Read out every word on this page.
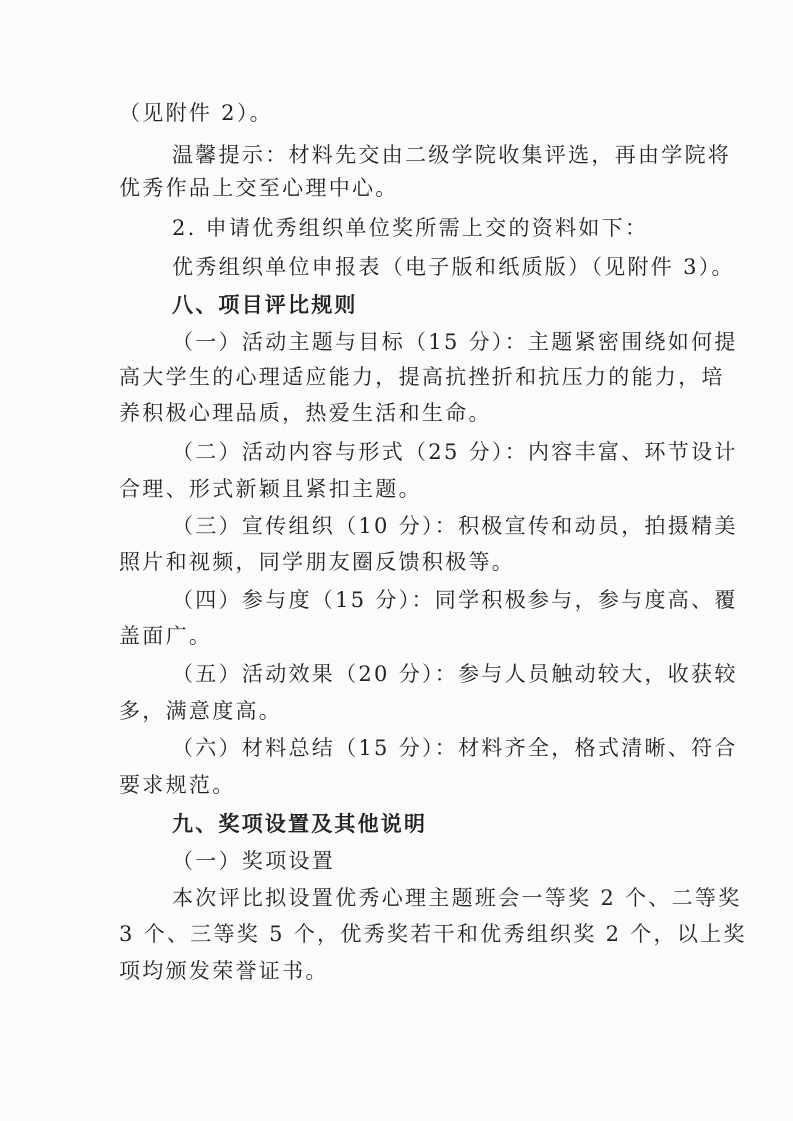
（见附件 2）。
温馨提示：材料先交由二级学院收集评选，再由学院将
优秀作品上交至心理中心。
2. 申请优秀组织单位奖所需上交的资料如下：
优秀组织单位申报表（电子版和纸质版）（见附件 3）。
八、项目评比规则
（一）活动主题与目标（15 分）：主题紧密围绕如何提
高大学生的心理适应能力，提高抗挫折和抗压力的能力，培
养积极心理品质，热爱生活和生命。
（二）活动内容与形式（25 分）：内容丰富、环节设计
合理、形式新颖且紧扣主题。
（三）宣传组织（10 分）：积极宣传和动员，拍摄精美
照片和视频，同学朋友圈反馈积极等。
（四）参与度（15 分）：同学积极参与，参与度高、覆
盖面广。
（五）活动效果（20 分）：参与人员触动较大，收获较
多，满意度高。
（六）材料总结（15 分）：材料齐全，格式清晰、符合
要求规范。
九、奖项设置及其他说明
（一）奖项设置
本次评比拟设置优秀心理主题班会一等奖 2 个、二等奖
3 个、三等奖 5 个，优秀奖若干和优秀组织奖 2 个，以上奖
项均颁发荣誉证书。
